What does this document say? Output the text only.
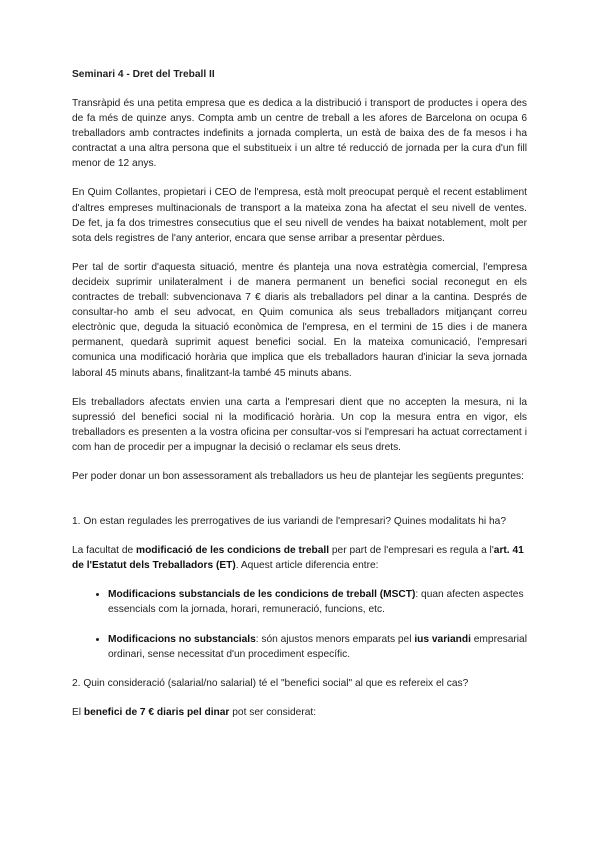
Seminari 4 - Dret del Treball II

Transràpid és una petita empresa que es dedica a la distribució i transport de productes i opera des de fa més de quinze anys. Compta amb un centre de treball a les afores de Barcelona on ocupa 6 treballadors amb contractes indefinits a jornada complerta, un està de baixa des de fa mesos i ha contractat a una altra persona que el substitueix i un altre té reducció de jornada per la cura d'un fill menor de 12 anys.

En Quim Collantes, propietari i CEO de l'empresa, està molt preocupat perquè el recent establiment d'altres empreses multinacionals de transport a la mateixa zona ha afectat el seu nivell de ventes. De fet, ja fa dos trimestres consecutius que el seu nivell de vendes ha baixat notablement, molt per sota dels registres de l'any anterior, encara que sense arribar a presentar pèrdues.

Per tal de sortir d'aquesta situació, mentre és planteja una nova estratègia comercial, l'empresa decideix suprimir unilateralment i de manera permanent un benefici social reconegut en els contractes de treball: subvencionava 7 € diaris als treballadors pel dinar a la cantina. Després de consultar-ho amb el seu advocat, en Quim comunica als seus treballadors mitjançant correu electrònic que, deguda la situació econòmica de l'empresa, en el termini de 15 dies i de manera permanent, quedarà suprimit aquest benefici social. En la mateixa comunicació, l'empresari comunica una modificació horària que implica que els treballadors hauran d'iniciar la seva jornada laboral 45 minuts abans, finalitzant-la també 45 minuts abans.

Els treballadors afectats envien una carta a l'empresari dient que no accepten la mesura, ni la supressió del benefici social ni la modificació horària. Un cop la mesura entra en vigor, els treballadors es presenten a la vostra oficina per consultar-vos si l'empresari ha actuat correctament i com han de procedir per a impugnar la decisió o reclamar els seus drets.

Per poder donar un bon assessorament als treballadors us heu de plantejar les següents preguntes:

1. On estan regulades les prerrogatives de ius variandi de l'empresari? Quines modalitats hi ha?

La facultat de modificació de les condicions de treball per part de l'empresari es regula a l'art. 41 de l'Estatut dels Treballadors (ET). Aquest article diferencia entre:

• Modificacions substancials de les condicions de treball (MSCT): quan afecten aspectes essencials com la jornada, horari, remuneració, funcions, etc.
• Modificacions no substancials: són ajustos menors emparats pel ius variandi empresarial ordinari, sense necessitat d'un procediment específic.

2. Quin consideració (salarial/no salarial) té el "benefici social" al que es refereix el cas?

El benefici de 7 € diaris pel dinar pot ser considerat:
